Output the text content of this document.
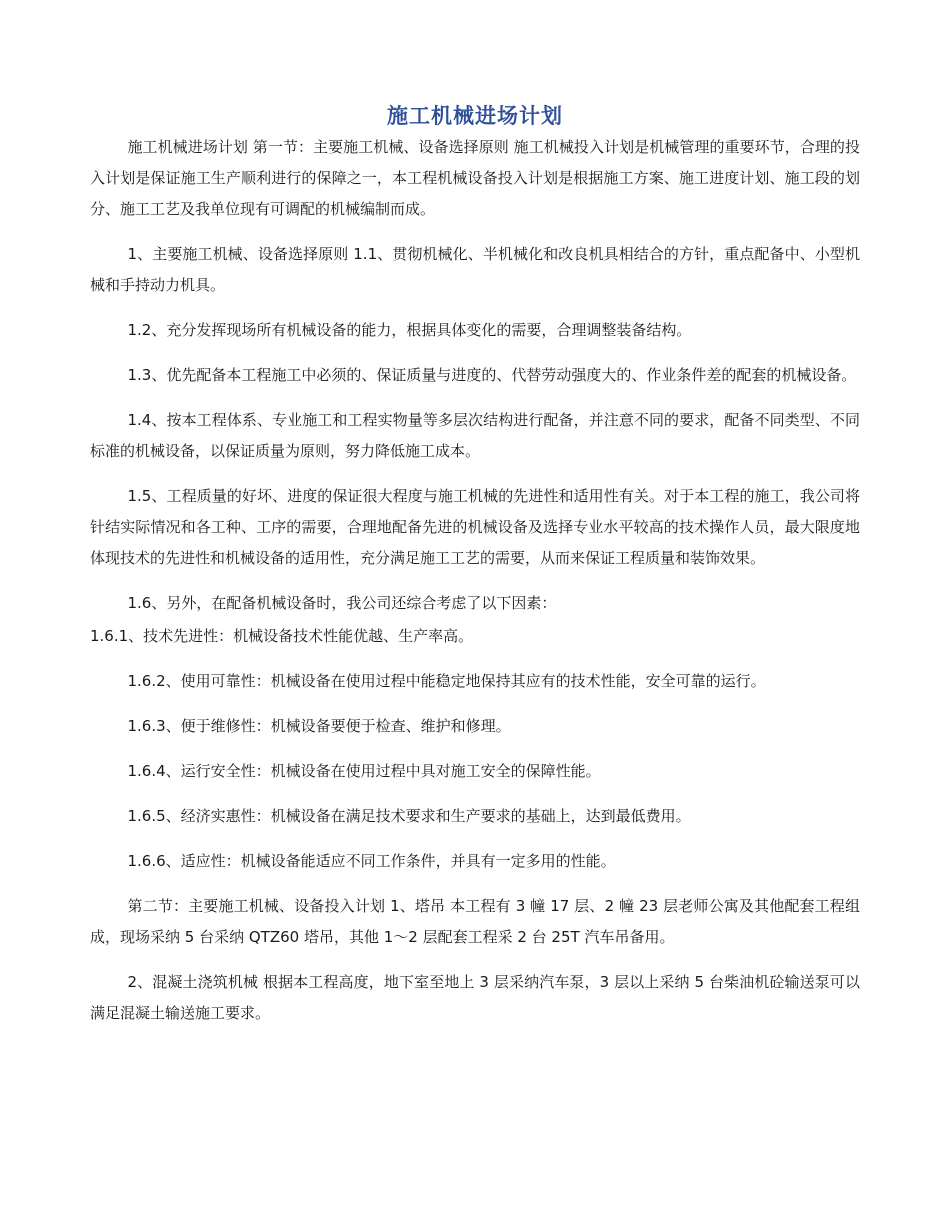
施工机械进场计划

施工机械进场计划 第一节：主要施工机械、设备选择原则 施工机械投入计划是机械管理的重要环节，合理的投入计划是保证施工生产顺利进行的保障之一，本工程机械设备投入计划是根据施工方案、施工进度计划、施工段的划分、施工工艺及我单位现有可调配的机械编制而成。

1、主要施工机械、设备选择原则 1.1、贯彻机械化、半机械化和改良机具相结合的方针，重点配备中、小型机械和手持动力机具。

1.2、充分发挥现场所有机械设备的能力，根据具体变化的需要，合理调整装备结构。

1.3、优先配备本工程施工中必须的、保证质量与进度的、代替劳动强度大的、作业条件差的配套的机械设备。

1.4、按本工程体系、专业施工和工程实物量等多层次结构进行配备，并注意不同的要求，配备不同类型、不同标准的机械设备，以保证质量为原则，努力降低施工成本。

1.5、工程质量的好坏、进度的保证很大程度与施工机械的先进性和适用性有关。对于本工程的施工，我公司将针结实际情况和各工种、工序的需要，合理地配备先进的机械设备及选择专业水平较高的技术操作人员，最大限度地体现技术的先进性和机械设备的适用性，充分满足施工工艺的需要，从而来保证工程质量和装饰效果。

1.6、另外，在配备机械设备时，我公司还综合考虑了以下因素：

1.6.1、技术先进性：机械设备技术性能优越、生产率高。

1.6.2、使用可靠性：机械设备在使用过程中能稳定地保持其应有的技术性能，安全可靠的运行。

1.6.3、便于维修性：机械设备要便于检查、维护和修理。

1.6.4、运行安全性：机械设备在使用过程中具对施工安全的保障性能。

1.6.5、经济实惠性：机械设备在满足技术要求和生产要求的基础上，达到最低费用。

1.6.6、适应性：机械设备能适应不同工作条件，并具有一定多用的性能。

第二节：主要施工机械、设备投入计划 1、塔吊 本工程有 3 幢 17 层、2 幢 23 层老师公寓及其他配套工程组成，现场采纳 5 台采纳 QTZ60 塔吊，其他 1～2 层配套工程采 2 台 25T 汽车吊备用。

2、混凝土浇筑机械 根据本工程高度，地下室至地上 3 层采纳汽车泵，3 层以上采纳 5 台柴油机砼输送泵可以满足混凝土输送施工要求。
